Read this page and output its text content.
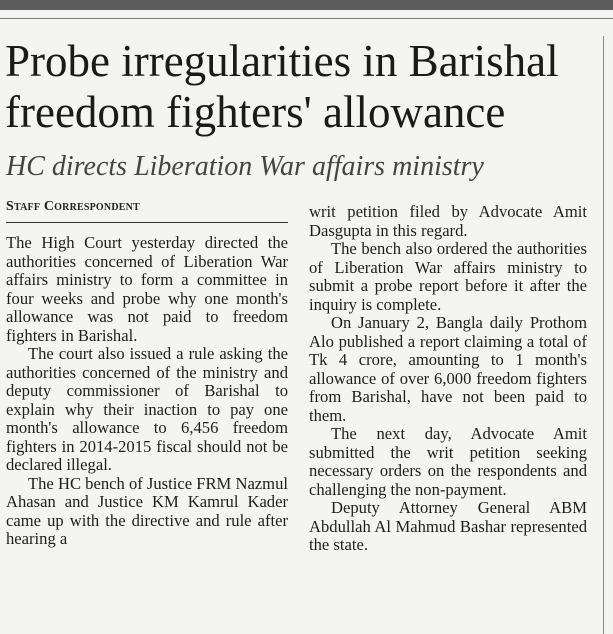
Probe irregularities in Barishal freedom fighters' allowance
HC directs Liberation War affairs ministry
Staff Correspondent

The High Court yesterday directed the authorities concerned of Liberation War affairs ministry to form a committee in four weeks and probe why one month's allowance was not paid to freedom fighters in Barishal.

The court also issued a rule asking the authorities concerned of the ministry and deputy commissioner of Barishal to explain why their inaction to pay one month's allowance to 6,456 freedom fighters in 2014-2015 fiscal should not be declared illegal.

The HC bench of Justice FRM Nazmul Ahasan and Justice KM Kamrul Kader came up with the directive and rule after hearing a

writ petition filed by Advocate Amit Dasgupta in this regard.

The bench also ordered the authorities of Liberation War affairs ministry to submit a probe report before it after the inquiry is complete.

On January 2, Bangla daily Prothom Alo published a report claiming a total of Tk 4 crore, amounting to 1 month's allowance of over 6,000 freedom fighters from Barishal, have not been paid to them.

The next day, Advocate Amit submitted the writ petition seeking necessary orders on the respondents and challenging the non-payment.

Deputy Attorney General ABM Abdullah Al Mahmud Bashar represented the state.
